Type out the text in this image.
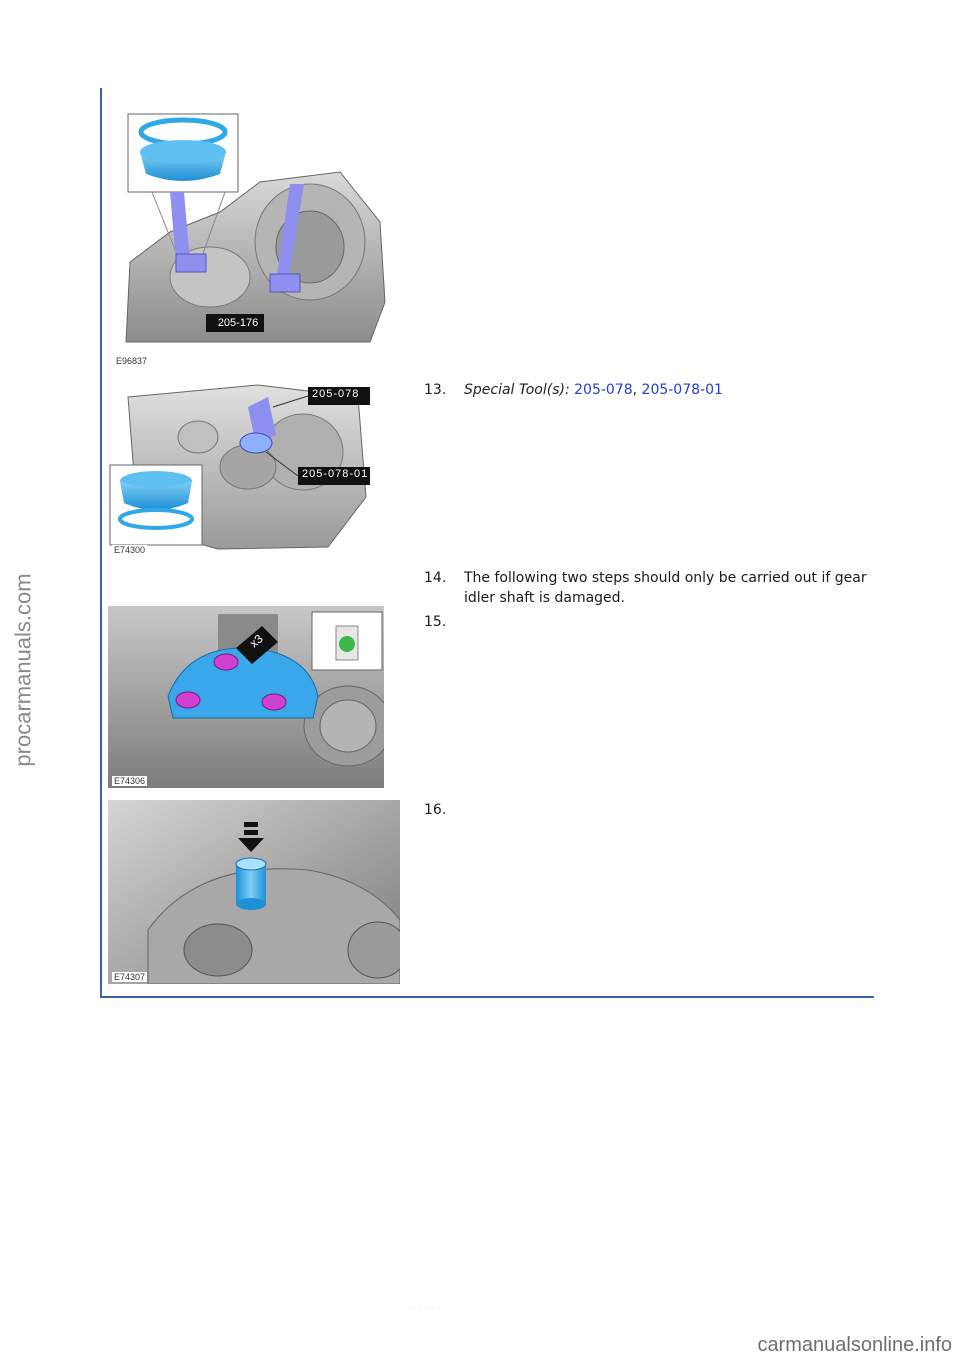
procarmanuals.com
205-176
E96837
205-078
205-078-01
E74300
x3
E74306
E74307
13. Special Tool(s): 205-078, 205-078-01
14. The following two steps should only be carried out if gear idler shaft is damaged.
15.
16.
· · · · ·
carmanualsonline.info
